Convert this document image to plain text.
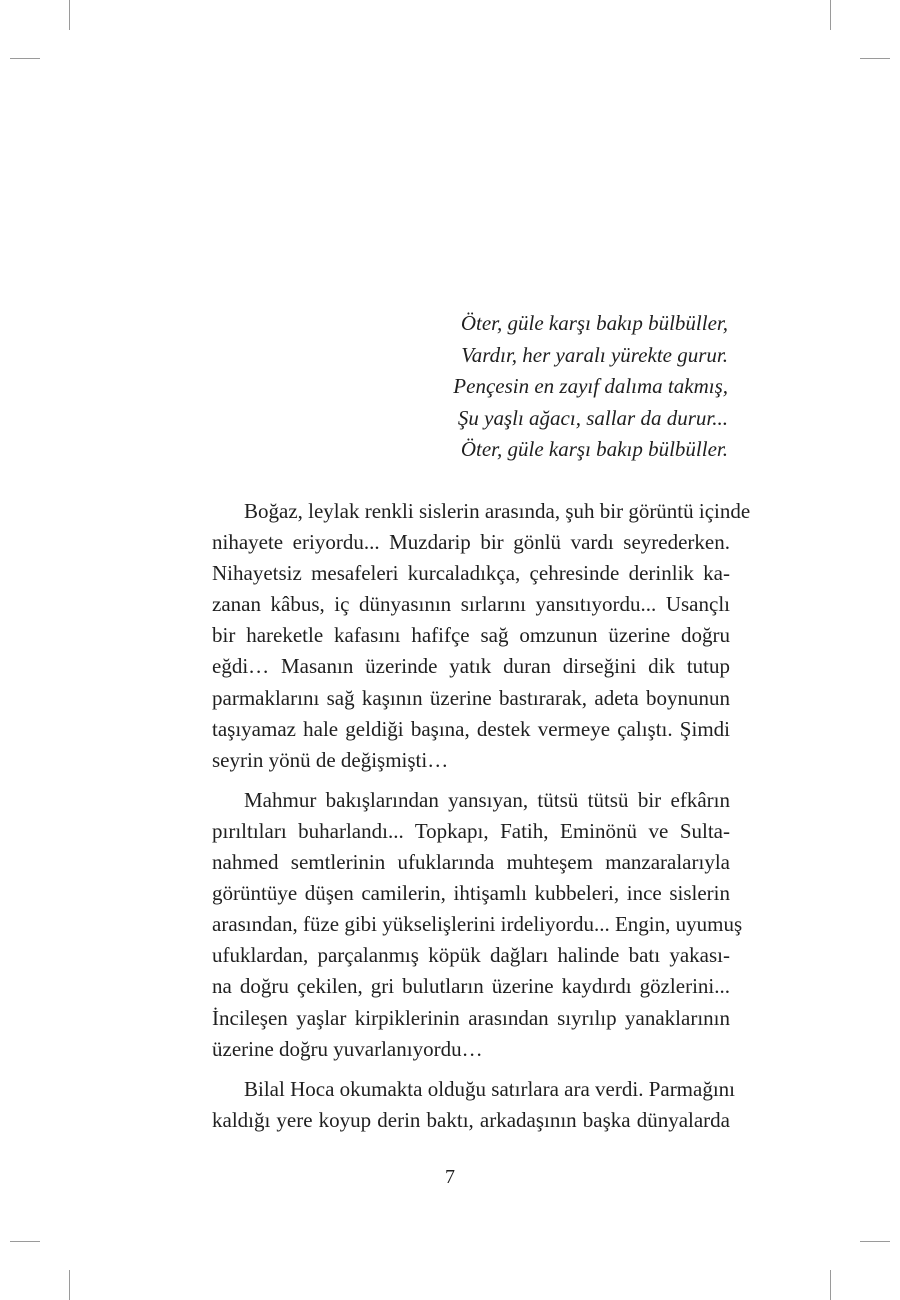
Öter, güle karşı bakıp bülbüller,
Vardır, her yaralı yürekte gurur.
Pençesin en zayıf dalıma takmış,
Şu yaşlı ağacı, sallar da durur...
Öter, güle karşı bakıp bülbüller.
Boğaz, leylak renkli sislerin arasında, şuh bir görüntü içinde
nihayete eriyordu... Muzdarip bir gönlü vardı seyrederken.
Nihayetsiz mesafeleri kurcaladıkça, çehresinde derinlik ka-
zanan kâbus, iç dünyasının sırlarını yansıtıyordu... Usançlı
bir hareketle kafasını hafifçe sağ omzunun üzerine doğru
eğdi… Masanın üzerinde yatık duran dirseğini dik tutup
parmaklarını sağ kaşının üzerine bastırarak, adeta boynunun
taşıyamaz hale geldiği başına, destek vermeye çalıştı. Şimdi
seyrin yönü de değişmişti…
Mahmur bakışlarından yansıyan, tütsü tütsü bir efkârın
pırıltıları buharlandı... Topkapı, Fatih, Eminönü ve Sulta-
nahmed semtlerinin ufuklarında muhteşem manzaralarıyla
görüntüye düşen camilerin, ihtişamlı kubbeleri, ince sislerin
arasından, füze gibi yükselişlerini irdeliyordu... Engin, uyumuş
ufuklardan, parçalanmış köpük dağları halinde batı yakası-
na doğru çekilen, gri bulutların üzerine kaydırdı gözlerini...
İncileşen yaşlar kirpiklerinin arasından sıyrılıp yanaklarının
üzerine doğru yuvarlanıyordu…
Bilal Hoca okumakta olduğu satırlara ara verdi. Parmağını
kaldığı yere koyup derin baktı, arkadaşının başka dünyalarda
7
